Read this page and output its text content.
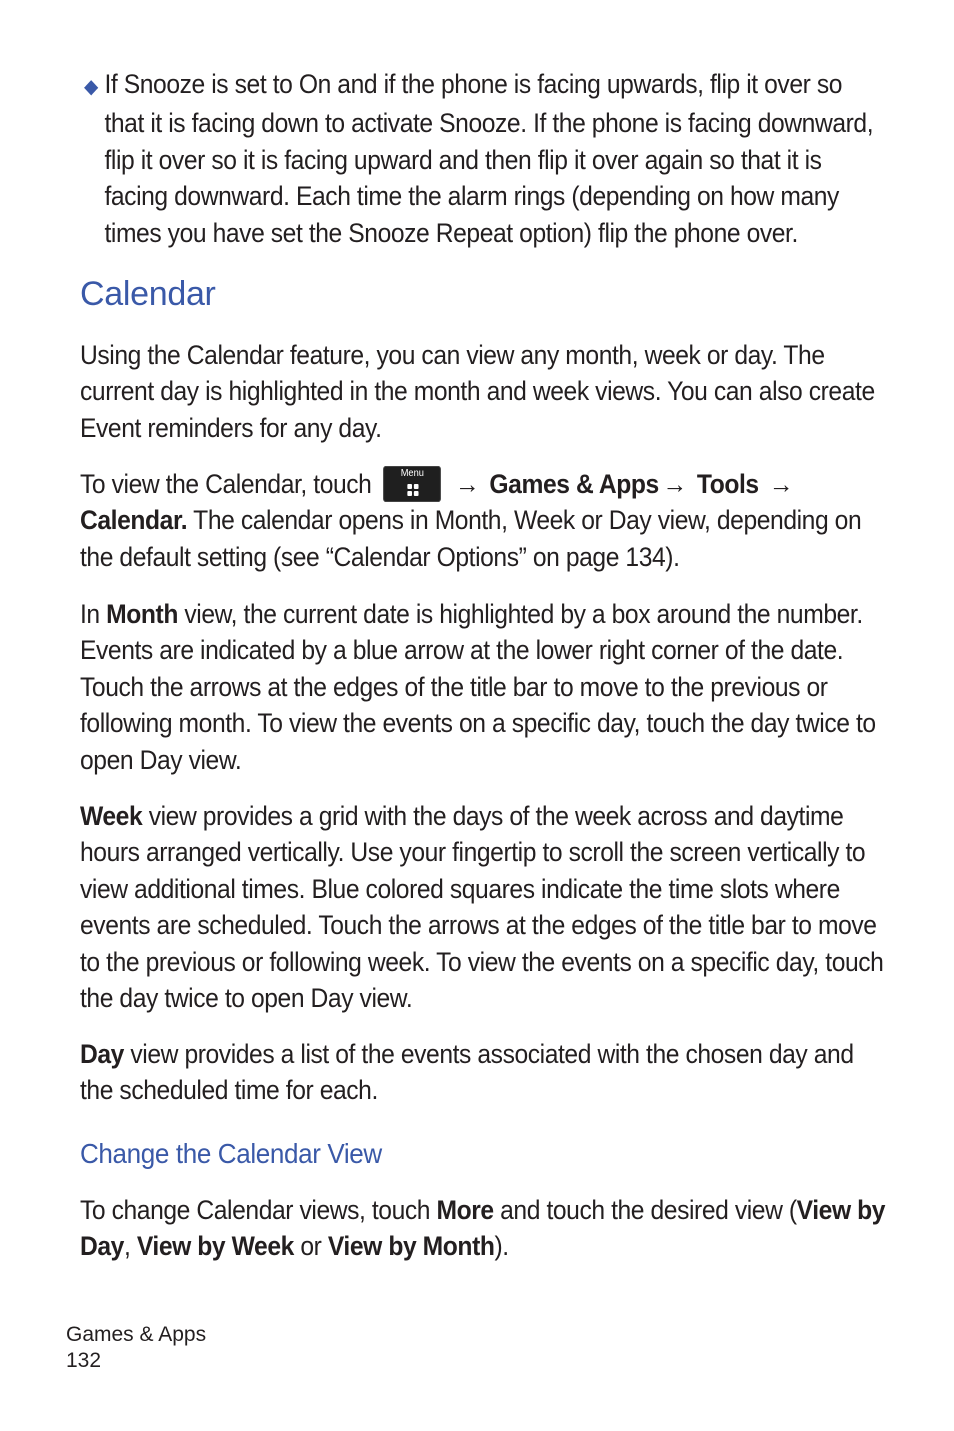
◆ If Snooze is set to On and if the phone is facing upwards, flip it over so that it is facing down to activate Snooze. If the phone is facing downward, flip it over so it is facing upward and then flip it over again so that it is facing downward. Each time the alarm rings (depending on how many times you have set the Snooze Repeat option) flip the phone over.

Calendar

Using the Calendar feature, you can view any month, week or day. The current day is highlighted in the month and week views. You can also create Event reminders for any day.

To view the Calendar, touch	Menu	→ Games & Apps → Tools → Calendar. The calendar opens in Month, Week or Day view, depending on the default setting (see “Calendar Options” on page 134).

In Month view, the current date is highlighted by a box around the number. Events are indicated by a blue arrow at the lower right corner of the date. Touch the arrows at the edges of the title bar to move to the previous or following month. To view the events on a specific day, touch the day twice to open Day view.

Week view provides a grid with the days of the week across and daytime hours arranged vertically. Use your fingertip to scroll the screen vertically to view additional times. Blue colored squares indicate the time slots where events are scheduled. Touch the arrows at the edges of the title bar to move to the previous or following week. To view the events on a specific day, touch the day twice to open Day view.

Day view provides a list of the events associated with the chosen day and the scheduled time for each.

Change the Calendar View

To change Calendar views, touch More and touch the desired view (View by Day, View by Week or View by Month).

Games & Apps
132
